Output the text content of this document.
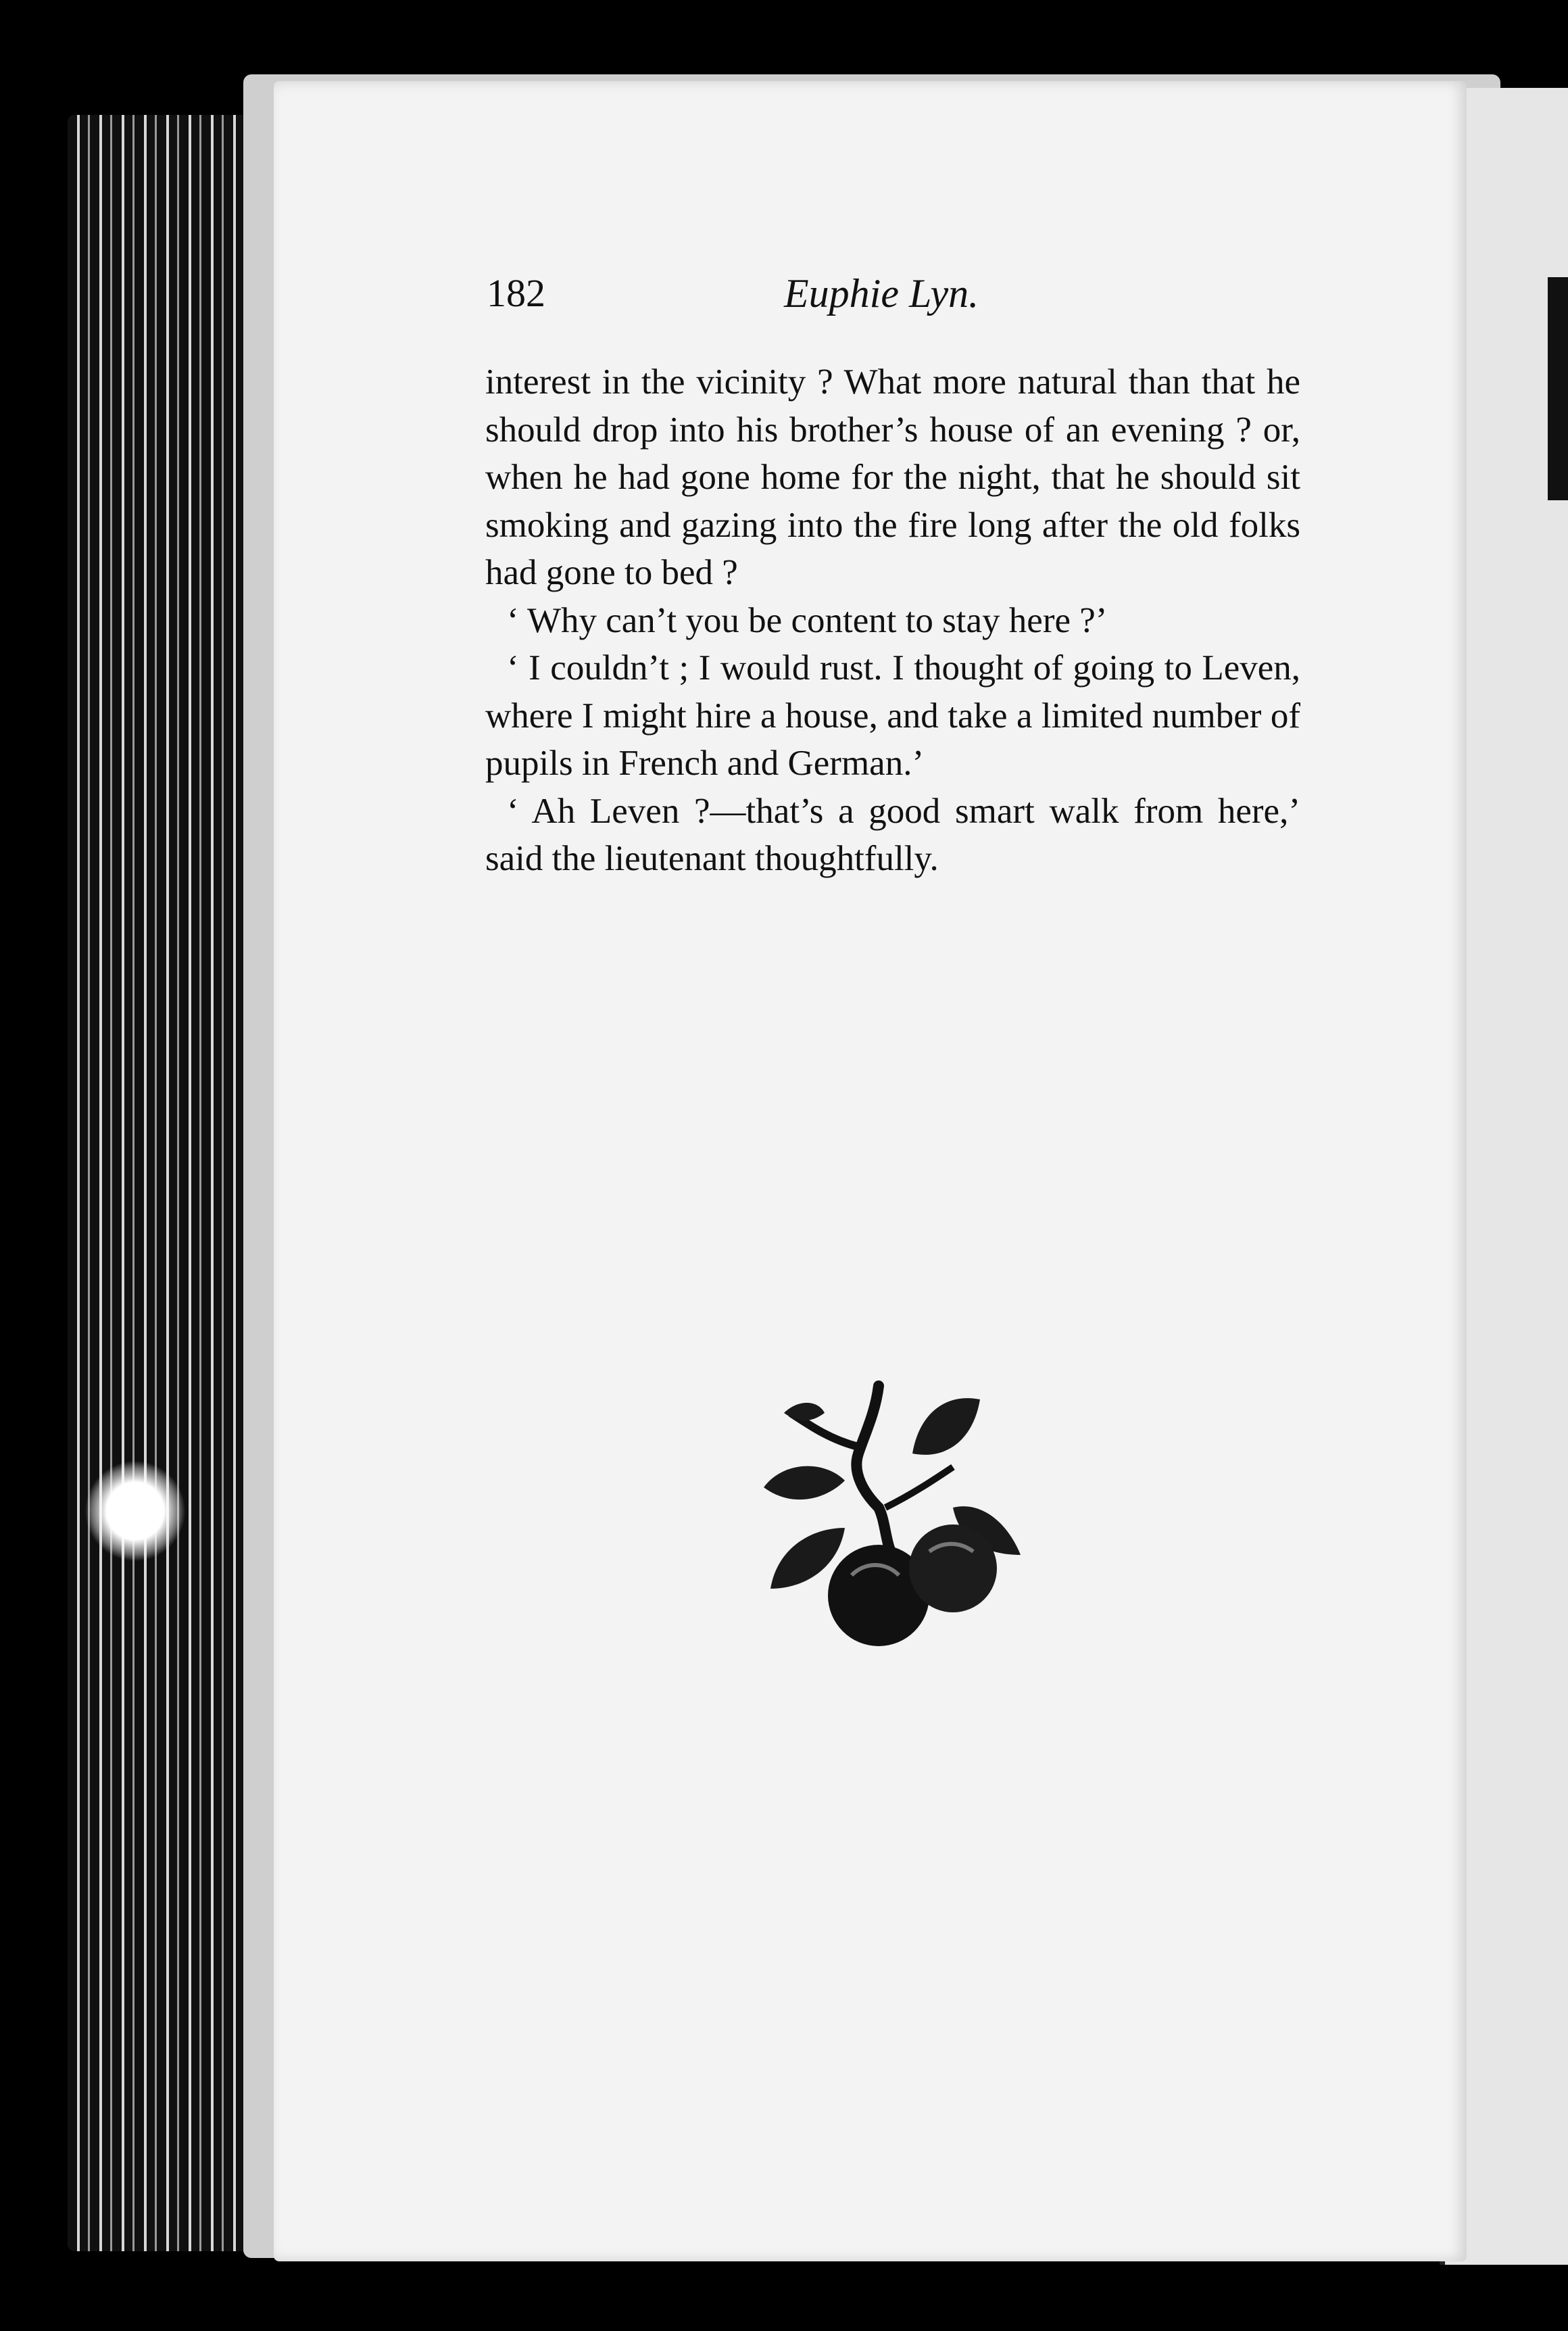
182	Euphie Lyn.

interest in the vicinity ? What more natural than that he should drop into his brother’s house of an evening ? or, when he had gone home for the night, that he should sit smoking and gazing into the fire long after the old folks had gone to bed ?

‘ Why can’t you be content to stay here ?’

‘ I couldn’t ; I would rust. I thought of going to Leven, where I might hire a house, and take a limited number of pupils in French and German.’

‘ Ah Leven ?—that’s a good smart walk from here,’ said the lieutenant thoughtfully.
